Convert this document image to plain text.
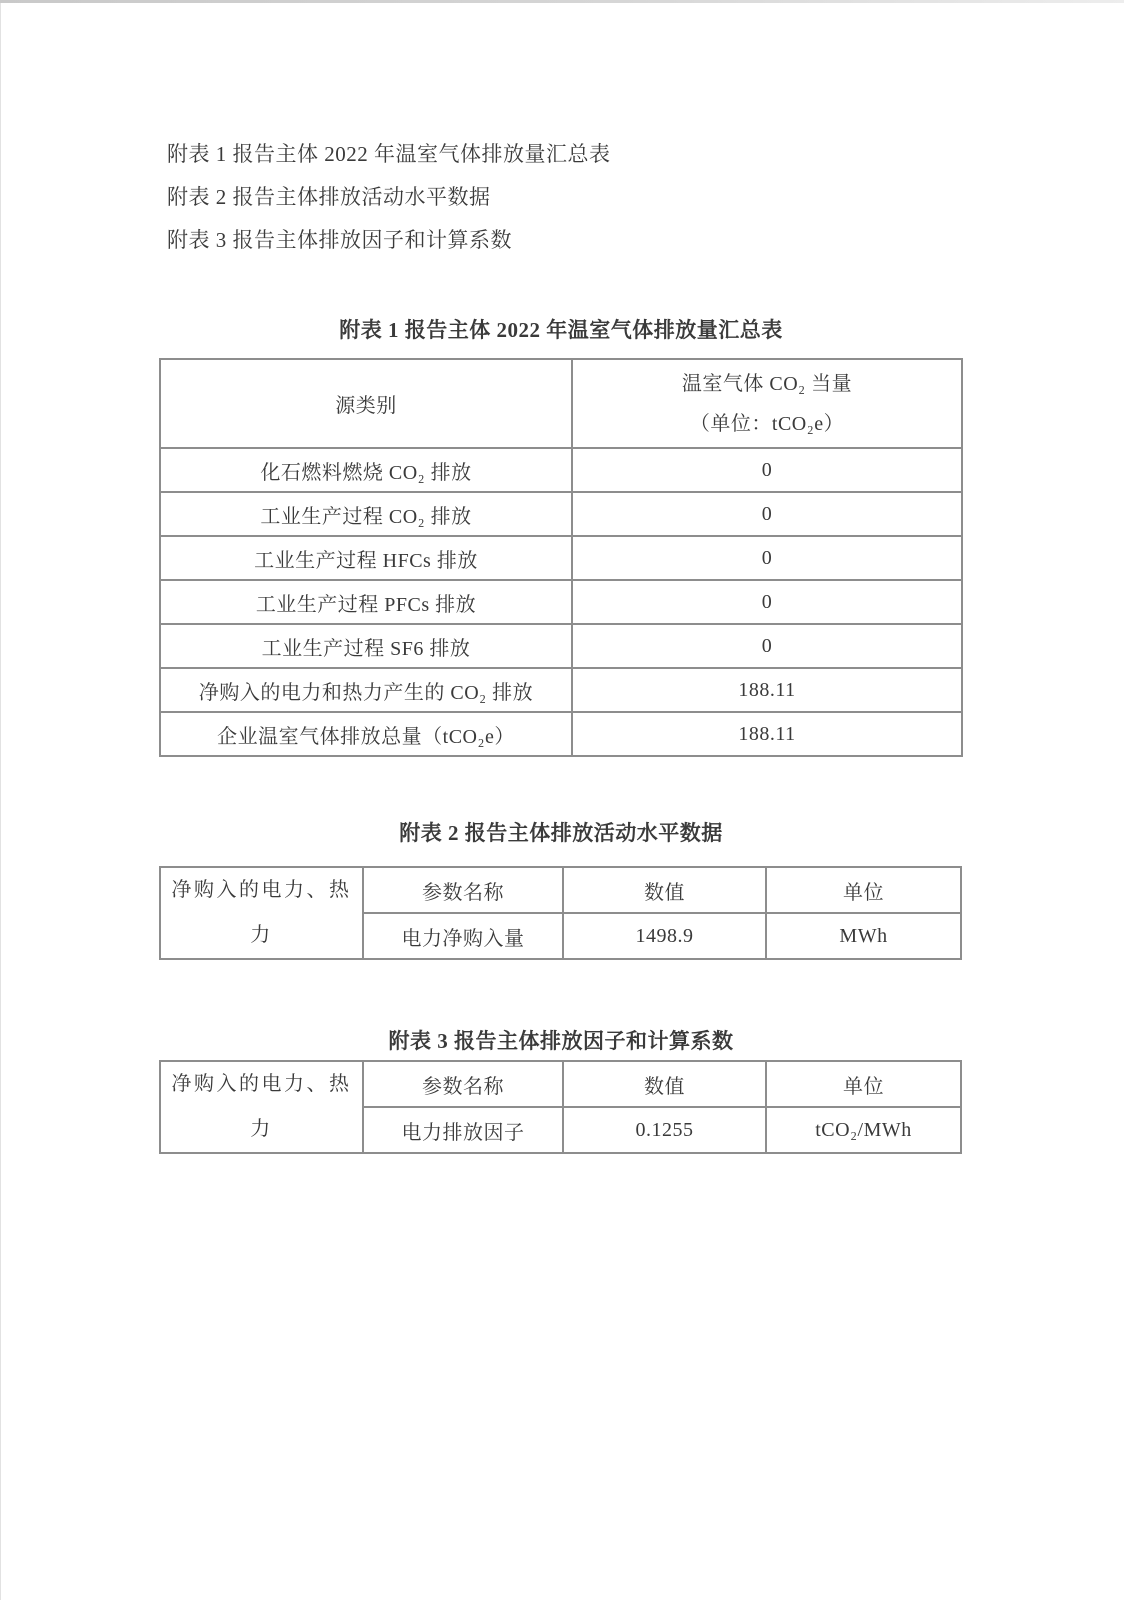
附表 1 报告主体 2022 年温室气体排放量汇总表
附表 2 报告主体排放活动水平数据
附表 3 报告主体排放因子和计算系数
附表 1 报告主体 2022 年温室气体排放量汇总表
源类别	温室气体 CO₂ 当量
（单位：tCO₂e）

化石燃料燃烧 CO₂ 排放	0
工业生产过程 CO₂ 排放	0
工业生产过程 HFCs 排放	0
工业生产过程 PFCs 排放	0
工业生产过程 SF6 排放	0
净购入的电力和热力产生的 CO₂ 排放	188.11
企业温室气体排放总量（tCO₂e）	188.11
附表 2 报告主体排放活动水平数据
净购入的电力、热力	参数名称	数值	单位
	电力净购入量	1498.9	MWh
附表 3 报告主体排放因子和计算系数
净购入的电力、热力	参数名称	数值	单位
	电力排放因子	0.1255	tCO₂/MWh
